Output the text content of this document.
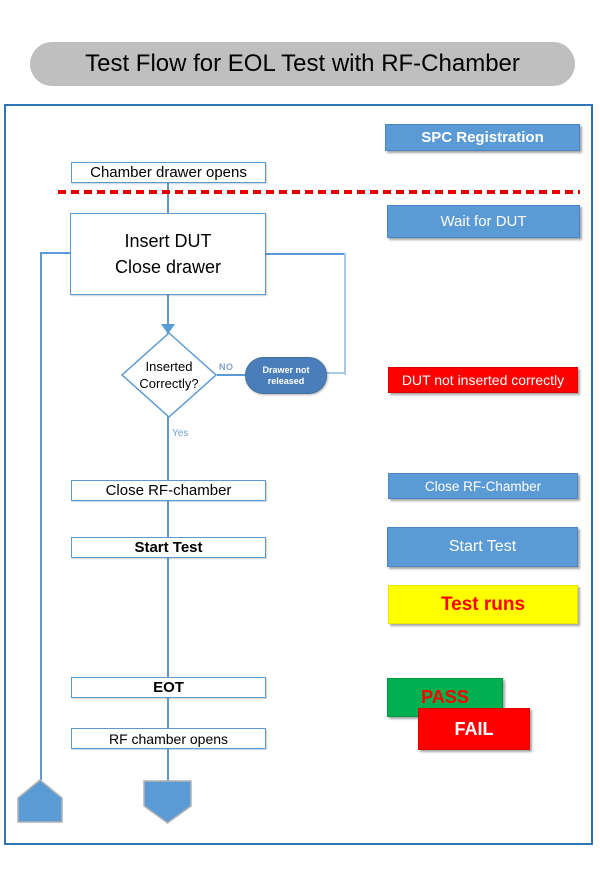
Test Flow for EOL Test with RF-Chamber
Chamber drawer opens
Insert DUT
Close drawer
Inserted
Correctly?
NO
Yes
Drawer not
released
Close RF-chamber
Start Test
EOT
RF chamber opens
SPC Registration
Wait for DUT
DUT not inserted correctly
Close RF-Chamber
Start Test
Test runs
PASS
FAIL
